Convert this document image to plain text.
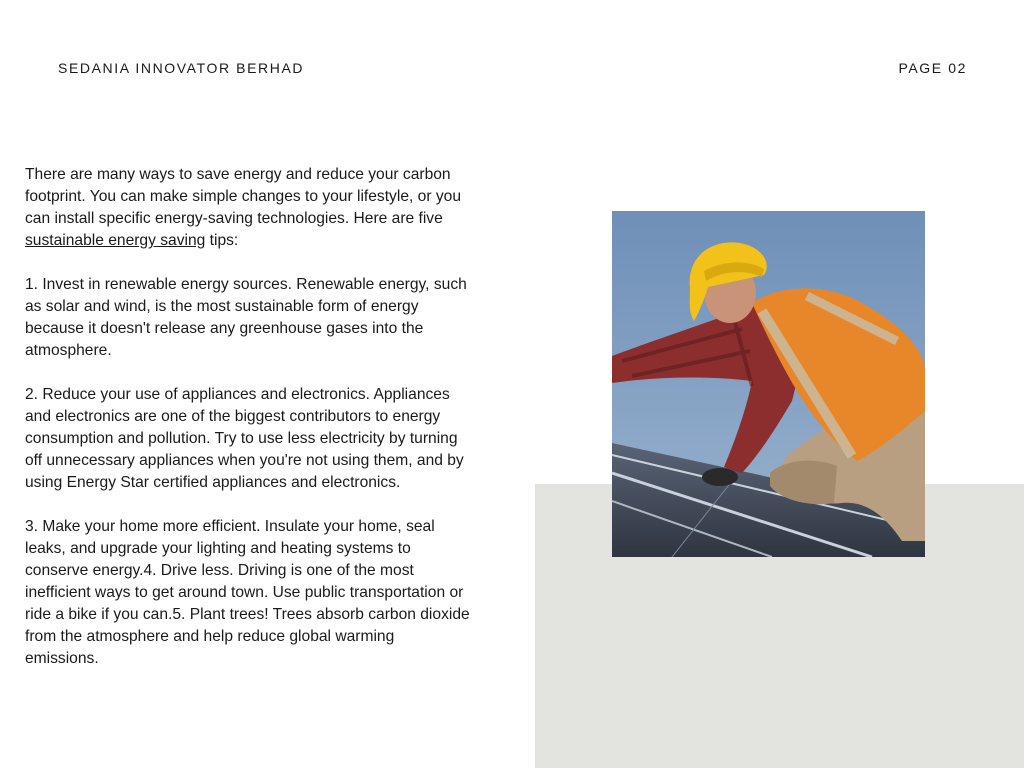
SEDANIA INNOVATOR BERHAD	PAGE 02

There are many ways to save energy and reduce your carbon footprint. You can make simple changes to your lifestyle, or you can install specific energy-saving technologies. Here are five sustainable energy saving tips:

1. Invest in renewable energy sources. Renewable energy, such as solar and wind, is the most sustainable form of energy because it doesn't release any greenhouse gases into the atmosphere.

2. Reduce your use of appliances and electronics. Appliances and electronics are one of the biggest contributors to energy consumption and pollution. Try to use less electricity by turning off unnecessary appliances when you're not using them, and by using Energy Star certified appliances and electronics.

3. Make your home more efficient. Insulate your home, seal leaks, and upgrade your lighting and heating systems to conserve energy.4. Drive less. Driving is one of the most inefficient ways to get around town. Use public transportation or ride a bike if you can.5. Plant trees! Trees absorb carbon dioxide from the atmosphere and help reduce global warming emissions.
